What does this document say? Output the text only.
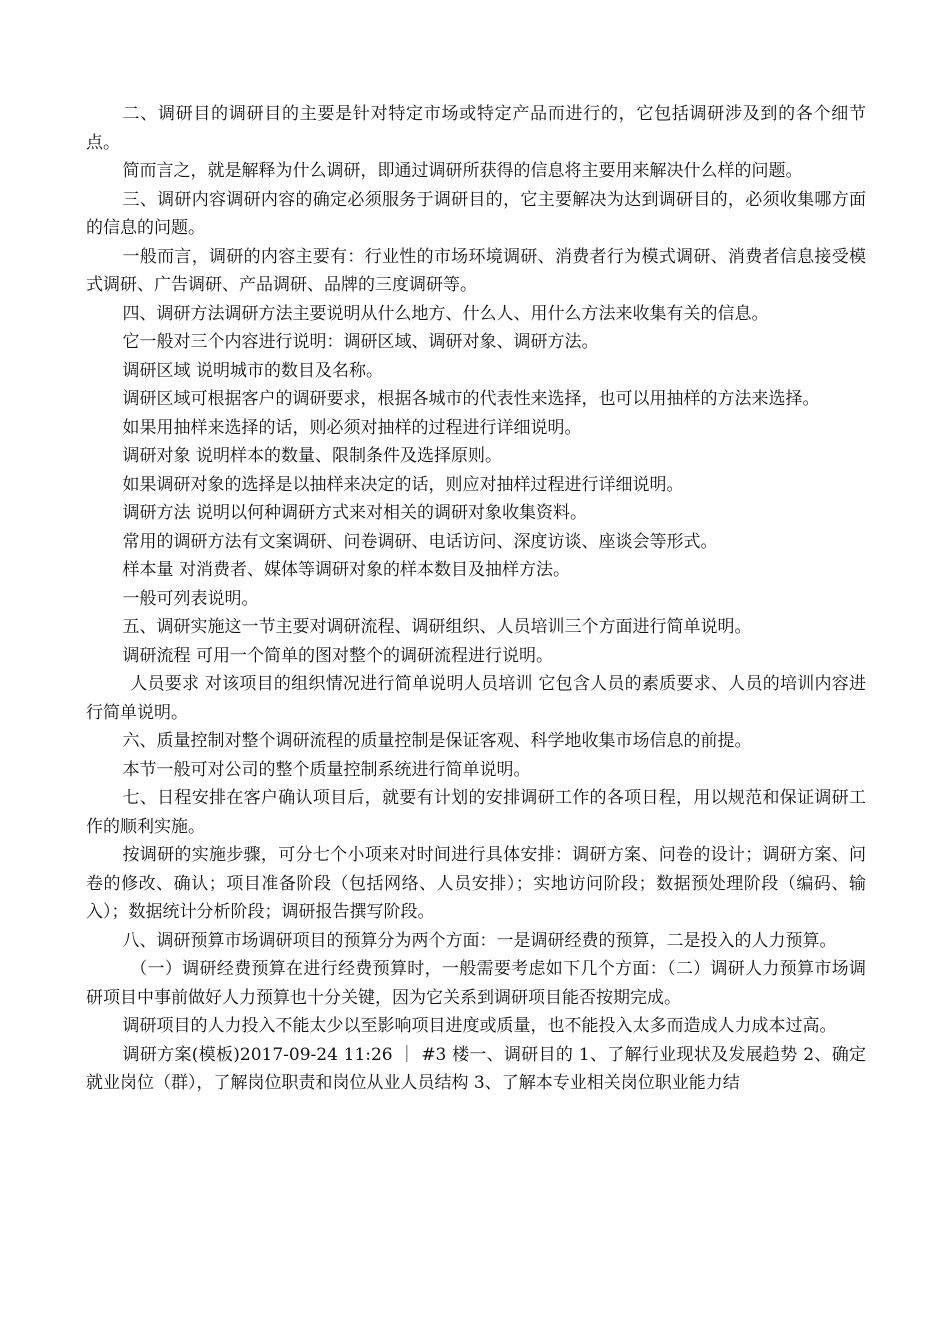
二、调研目的调研目的主要是针对特定市场或特定产品而进行的，它包括调研涉及到的各个细节点。

简而言之，就是解释为什么调研，即通过调研所获得的信息将主要用来解决什么样的问题。

三、调研内容调研内容的确定必须服务于调研目的，它主要解决为达到调研目的，必须收集哪方面的信息的问题。

一般而言，调研的内容主要有：行业性的市场环境调研、消费者行为模式调研、消费者信息接受模式调研、广告调研、产品调研、品牌的三度调研等。

四、调研方法调研方法主要说明从什么地方、什么人、用什么方法来收集有关的信息。

它一般对三个内容进行说明：调研区域、调研对象、调研方法。

调研区域 说明城市的数目及名称。

调研区域可根据客户的调研要求，根据各城市的代表性来选择，也可以用抽样的方法来选择。

如果用抽样来选择的话，则必须对抽样的过程进行详细说明。

调研对象 说明样本的数量、限制条件及选择原则。

如果调研对象的选择是以抽样来决定的话，则应对抽样过程进行详细说明。

调研方法 说明以何种调研方式来对相关的调研对象收集资料。

常用的调研方法有文案调研、问卷调研、电话访问、深度访谈、座谈会等形式。

样本量 对消费者、媒体等调研对象的样本数目及抽样方法。

一般可列表说明。

五、调研实施这一节主要对调研流程、调研组织、人员培训三个方面进行简单说明。

调研流程 可用一个简单的图对整个的调研流程进行说明。

人员要求 对该项目的组织情况进行简单说明人员培训 它包含人员的素质要求、人员的培训内容进行简单说明。

六、质量控制对整个调研流程的质量控制是保证客观、科学地收集市场信息的前提。

本节一般可对公司的整个质量控制系统进行简单说明。

七、日程安排在客户确认项目后，就要有计划的安排调研工作的各项日程，用以规范和保证调研工作的顺利实施。

按调研的实施步骤，可分七个小项来对时间进行具体安排：调研方案、问卷的设计；调研方案、问卷的修改、确认；项目准备阶段（包括网络、人员安排）；实地访问阶段；数据预处理阶段（编码、输入）；数据统计分析阶段；调研报告撰写阶段。

八、调研预算市场调研项目的预算分为两个方面：一是调研经费的预算，二是投入的人力预算。

（一）调研经费预算在进行经费预算时，一般需要考虑如下几个方面：（二）调研人力预算市场调研项目中事前做好人力预算也十分关键，因为它关系到调研项目能否按期完成。

调研项目的人力投入不能太少以至影响项目进度或质量，也不能投入太多而造成人力成本过高。

调研方案(模板)2017-09-24 11:26 ｜ #3 楼一、调研目的 1、了解行业现状及发展趋势 2、确定就业岗位（群），了解岗位职责和岗位从业人员结构 3、了解本专业相关岗位职业能力结
